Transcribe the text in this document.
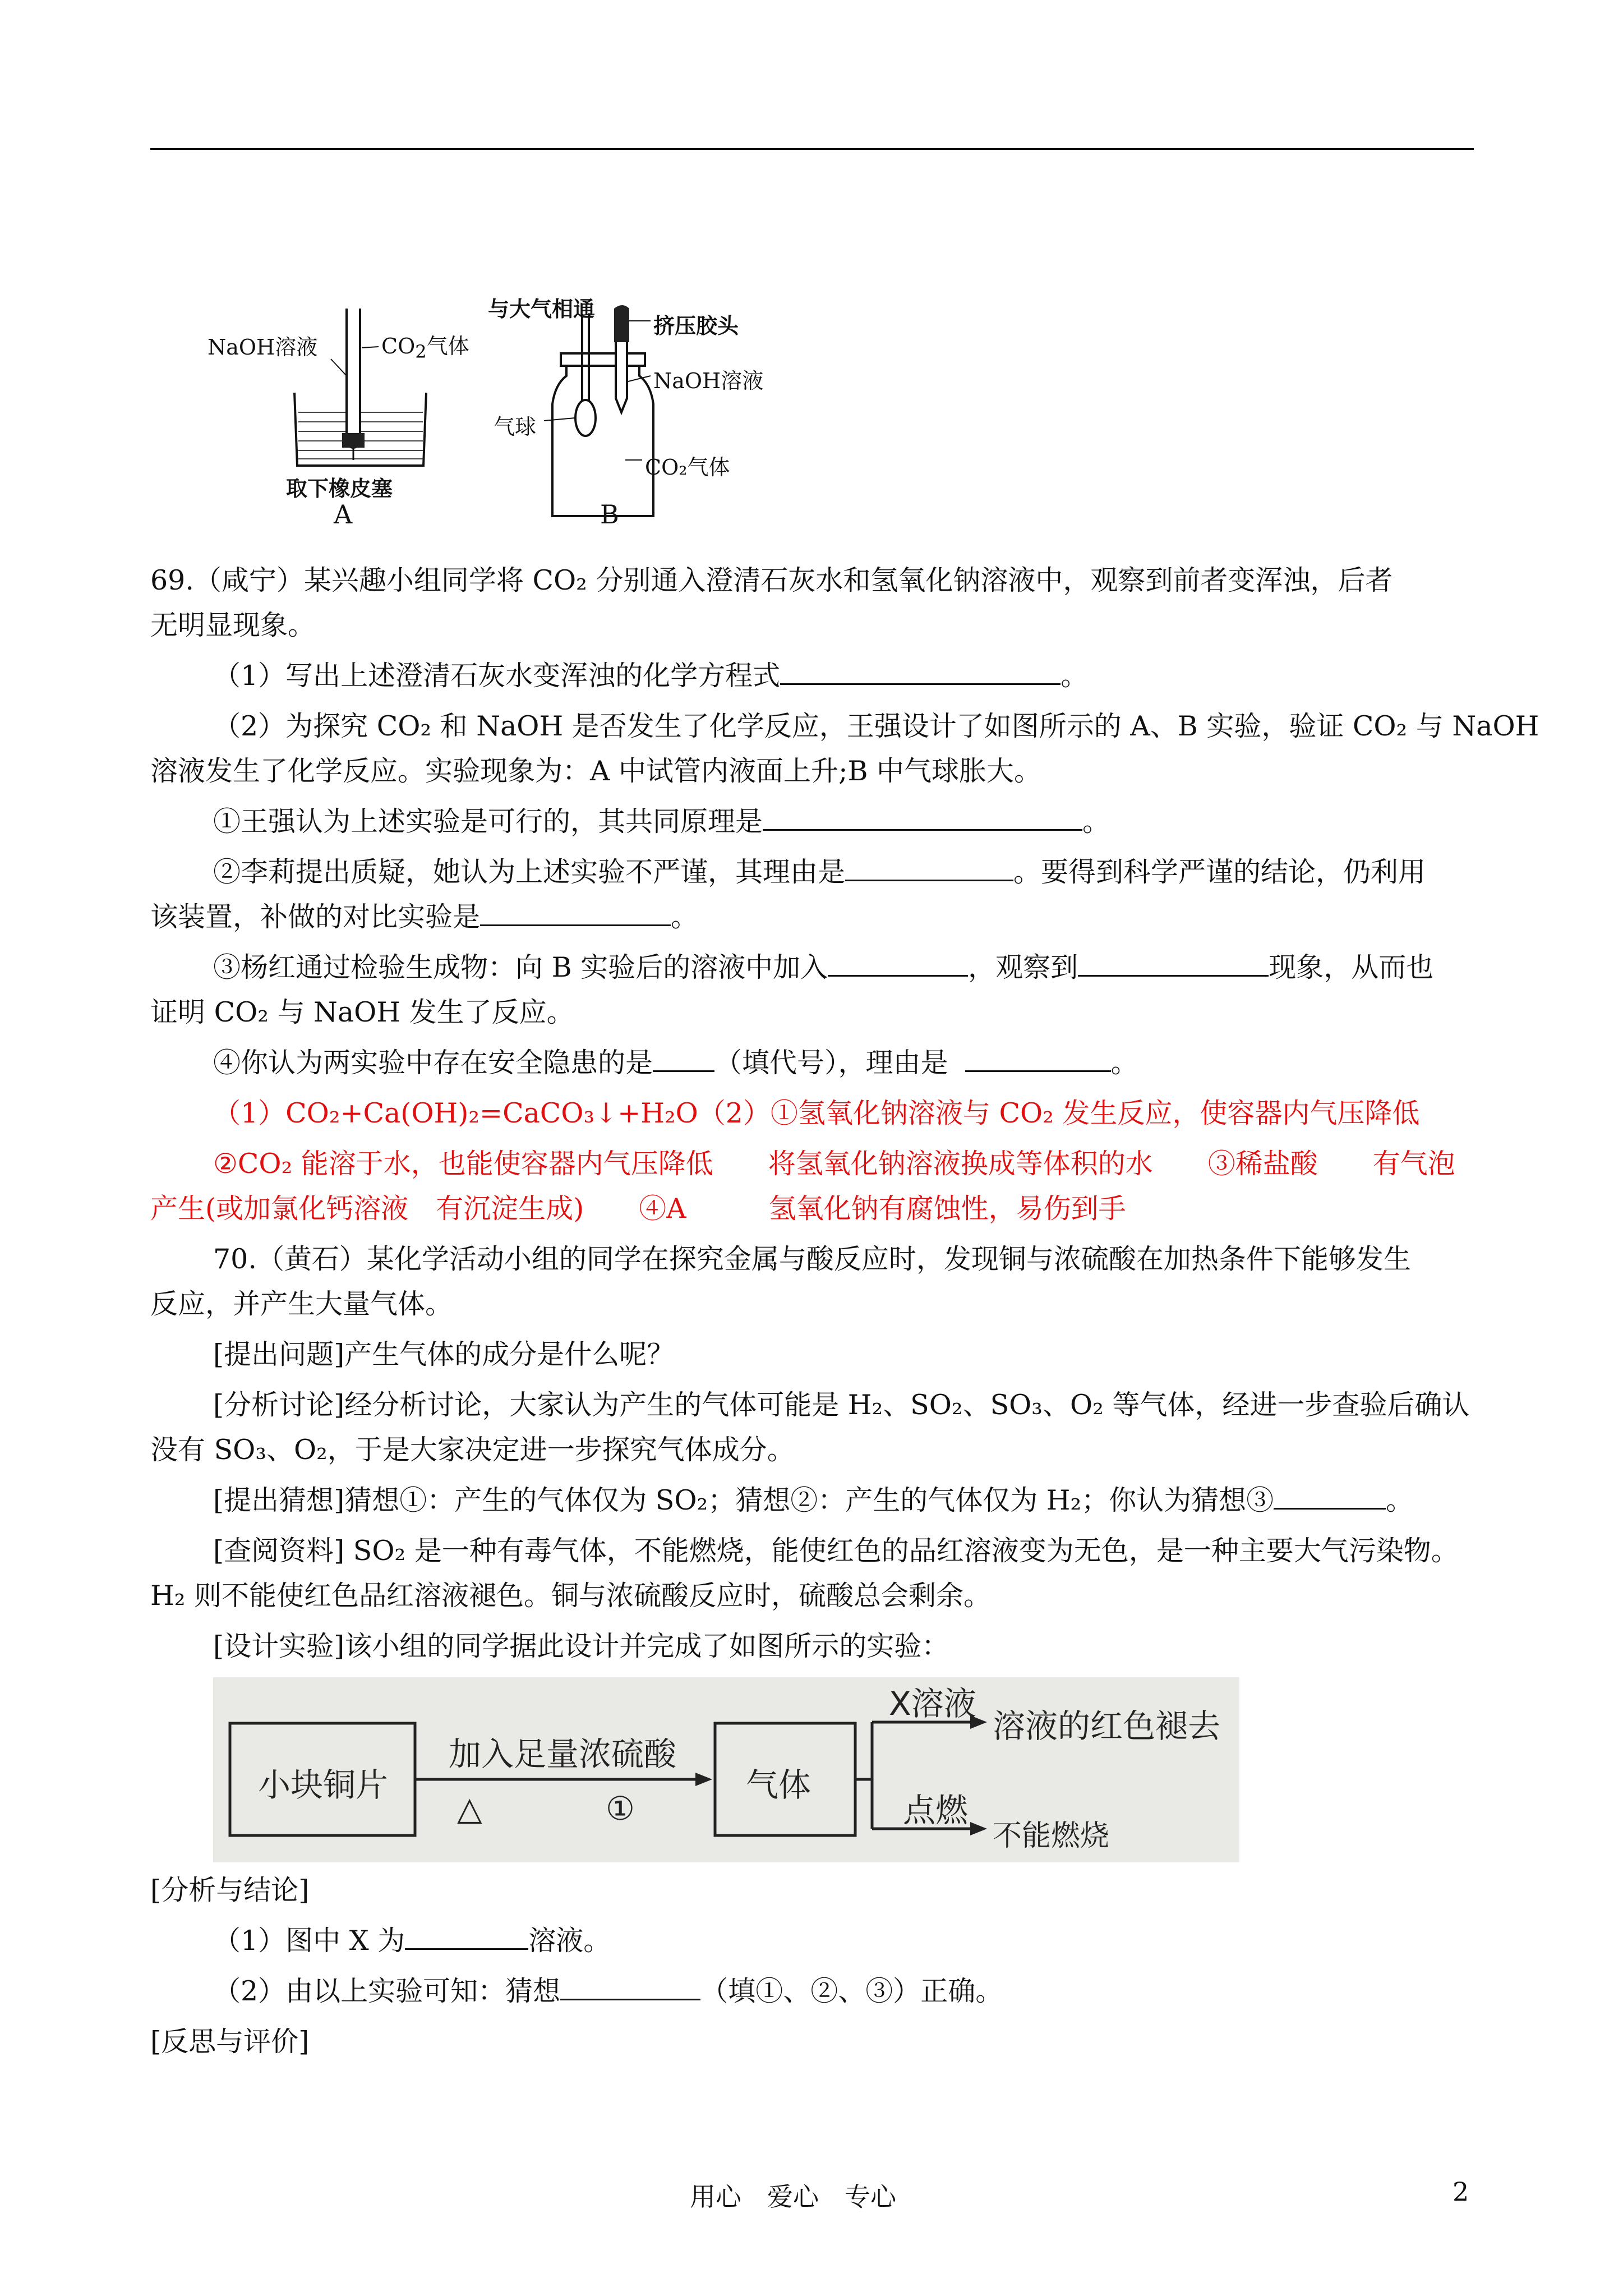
NaOH溶液	$CO_2$气体
取下橡皮塞
A
与大气相通
挤压胶头
NaOH溶液
气球
CO₂气体
B
69.（咸宁）某兴趣小组同学将 CO₂ 分别通入澄清石灰水和氢氧化钠溶液中，观察到前者变浑浊，后者
无明显现象。
（1）写出上述澄清石灰水变浑浊的化学方程式	。
（2）为探究 CO₂ 和 NaOH 是否发生了化学反应，王强设计了如图所示的 A、B 实验，验证 CO₂ 与 NaOH
溶液发生了化学反应。实验现象为：A 中试管内液面上升;B 中气球胀大。
①王强认为上述实验是可行的，其共同原理是	。
②李莉提出质疑，她认为上述实验不严谨，其理由是	。要得到科学严谨的结论，仍利用
该装置，补做的对比实验是	。
③杨红通过检验生成物：向 B 实验后的溶液中加入	，观察到	现象，从而也
证明 CO₂ 与 NaOH 发生了反应。
④你认为两实验中存在安全隐患的是 （填代号），理由是	。
（1）CO₂+Ca(OH)₂=CaCO₃↓+H₂O（2）①氢氧化钠溶液与 CO₂ 发生反应，使容器内气压降低
②CO₂ 能溶于水，也能使容器内气压降低　　将氢氧化钠溶液换成等体积的水　　③稀盐酸　　有气泡
产生(或加氯化钙溶液　有沉淀生成)　　④A　　　氢氧化钠有腐蚀性，易伤到手
70.（黄石）某化学活动小组的同学在探究金属与酸反应时，发现铜与浓硫酸在加热条件下能够发生
反应，并产生大量气体。
[提出问题]产生气体的成分是什么呢？
[分析讨论]经分析讨论，大家认为产生的气体可能是 H₂、SO₂、SO₃、O₂ 等气体，经进一步查验后确认
没有 SO₃、O₂，于是大家决定进一步探究气体成分。
[提出猜想]猜想①：产生的气体仅为 SO₂；猜想②：产生的气体仅为 H₂；你认为猜想③	。
[查阅资料] SO₂ 是一种有毒气体，不能燃烧，能使红色的品红溶液变为无色，是一种主要大气污染物。
H₂ 则不能使红色品红溶液褪色。铜与浓硫酸反应时，硫酸总会剩余。
[设计实验]该小组的同学据此设计并完成了如图所示的实验：
小块铜片
加入足量浓硫酸
△	①
气体
X溶液
溶液的红色褪去
点燃
不能燃烧
[分析与结论]
（1）图中 X 为	溶液。
（2）由以上实验可知：猜想	（填①、②、③）正确。
[反思与评价]
用心　爱心　专心	2
